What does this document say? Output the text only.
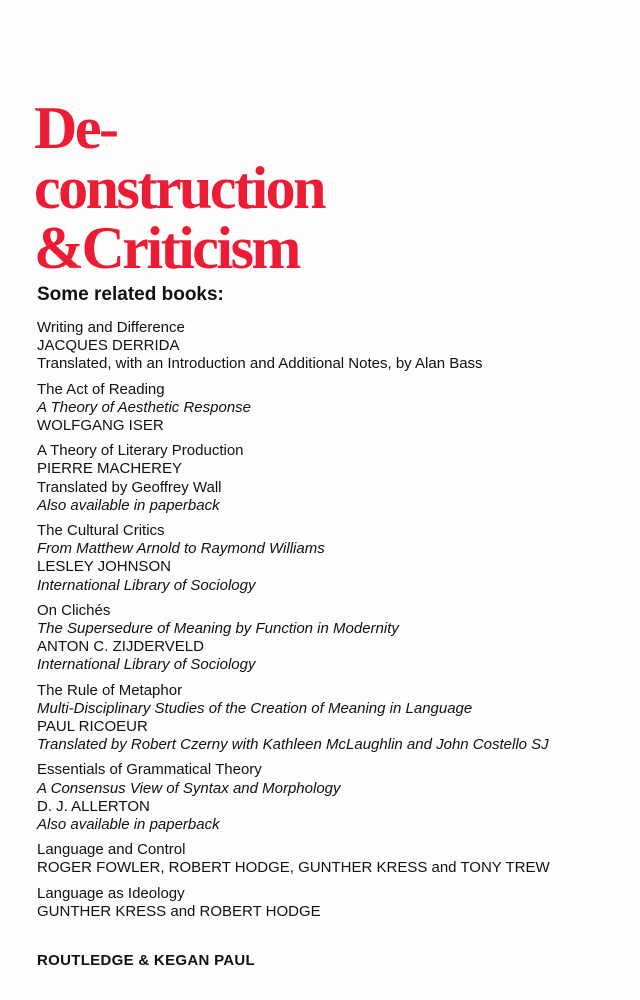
De-
construction
&Criticism
Some related books:
Writing and Difference
JACQUES DERRIDA
Translated, with an Introduction and Additional Notes, by Alan Bass
The Act of Reading
A Theory of Aesthetic Response
WOLFGANG ISER
A Theory of Literary Production
PIERRE MACHEREY
Translated by Geoffrey Wall
Also available in paperback
The Cultural Critics
From Matthew Arnold to Raymond Williams
LESLEY JOHNSON
International Library of Sociology
On Clichés
The Supersedure of Meaning by Function in Modernity
ANTON C. ZIJDERVELD
International Library of Sociology
The Rule of Metaphor
Multi-Disciplinary Studies of the Creation of Meaning in Language
PAUL RICOEUR
Translated by Robert Czerny with Kathleen McLaughlin and John Costello SJ
Essentials of Grammatical Theory
A Consensus View of Syntax and Morphology
D. J. ALLERTON
Also available in paperback
Language and Control
ROGER FOWLER, ROBERT HODGE, GUNTHER KRESS and TONY TREW
Language as Ideology
GUNTHER KRESS and ROBERT HODGE
ROUTLEDGE & KEGAN PAUL
